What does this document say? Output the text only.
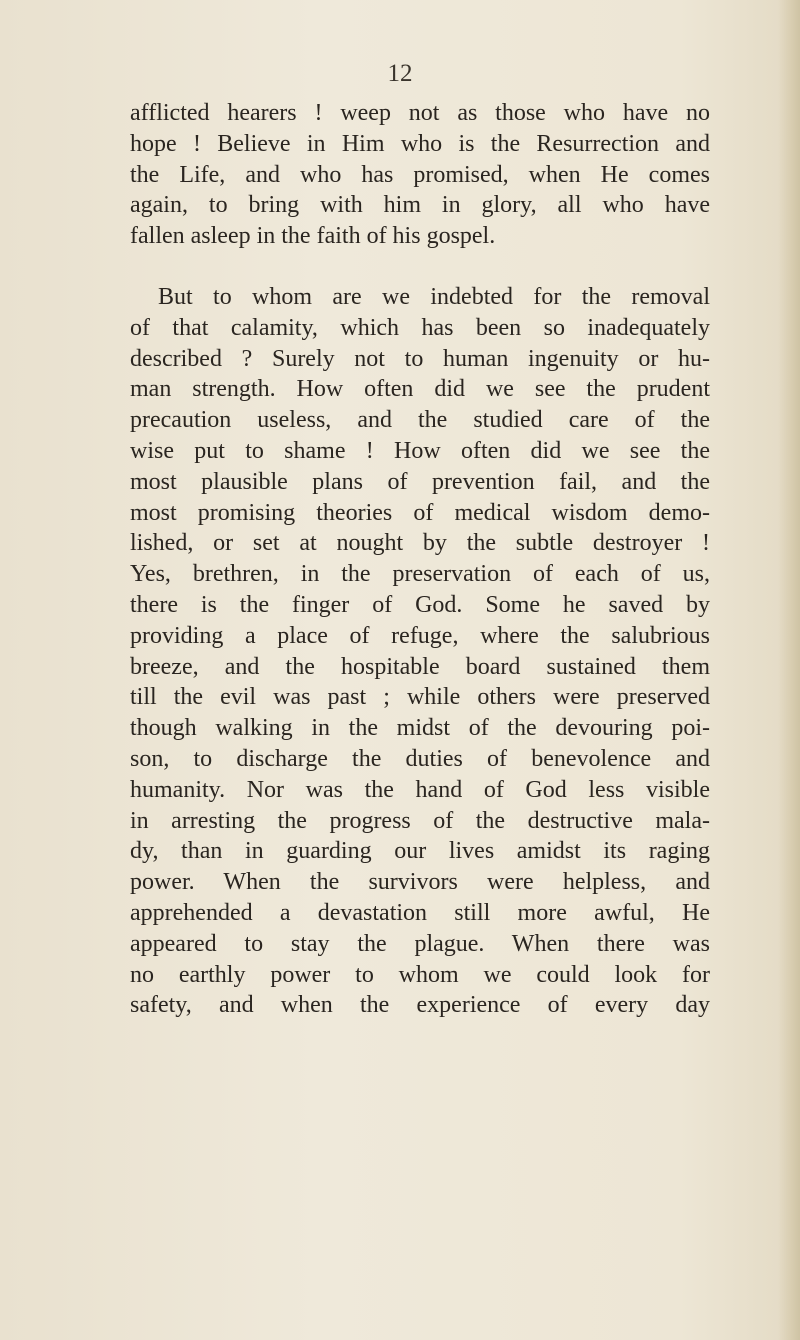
12
afflicted hearers ! weep not as those who have no
hope ! Believe in Him who is the Resurrection and
the Life, and who has promised, when He comes
again, to bring with him in glory, all who have
fallen asleep in the faith of his gospel.
But to whom are we indebted for the removal
of that calamity, which has been so inadequately
described ? Surely not to human ingenuity or hu-
man strength. How often did we see the prudent
precaution useless, and the studied care of the
wise put to shame ! How often did we see the
most plausible plans of prevention fail, and the
most promising theories of medical wisdom demo-
lished, or set at nought by the subtle destroyer !
Yes, brethren, in the preservation of each of us,
there is the finger of God. Some he saved by
providing a place of refuge, where the salubrious
breeze, and the hospitable board sustained them
till the evil was past ; while others were preserved
though walking in the midst of the devouring poi-
son, to discharge the duties of benevolence and
humanity. Nor was the hand of God less visible
in arresting the progress of the destructive mala-
dy, than in guarding our lives amidst its raging
power. When the survivors were helpless, and
apprehended a devastation still more awful, He
appeared to stay the plague. When there was
no earthly power to whom we could look for
safety, and when the experience of every day
